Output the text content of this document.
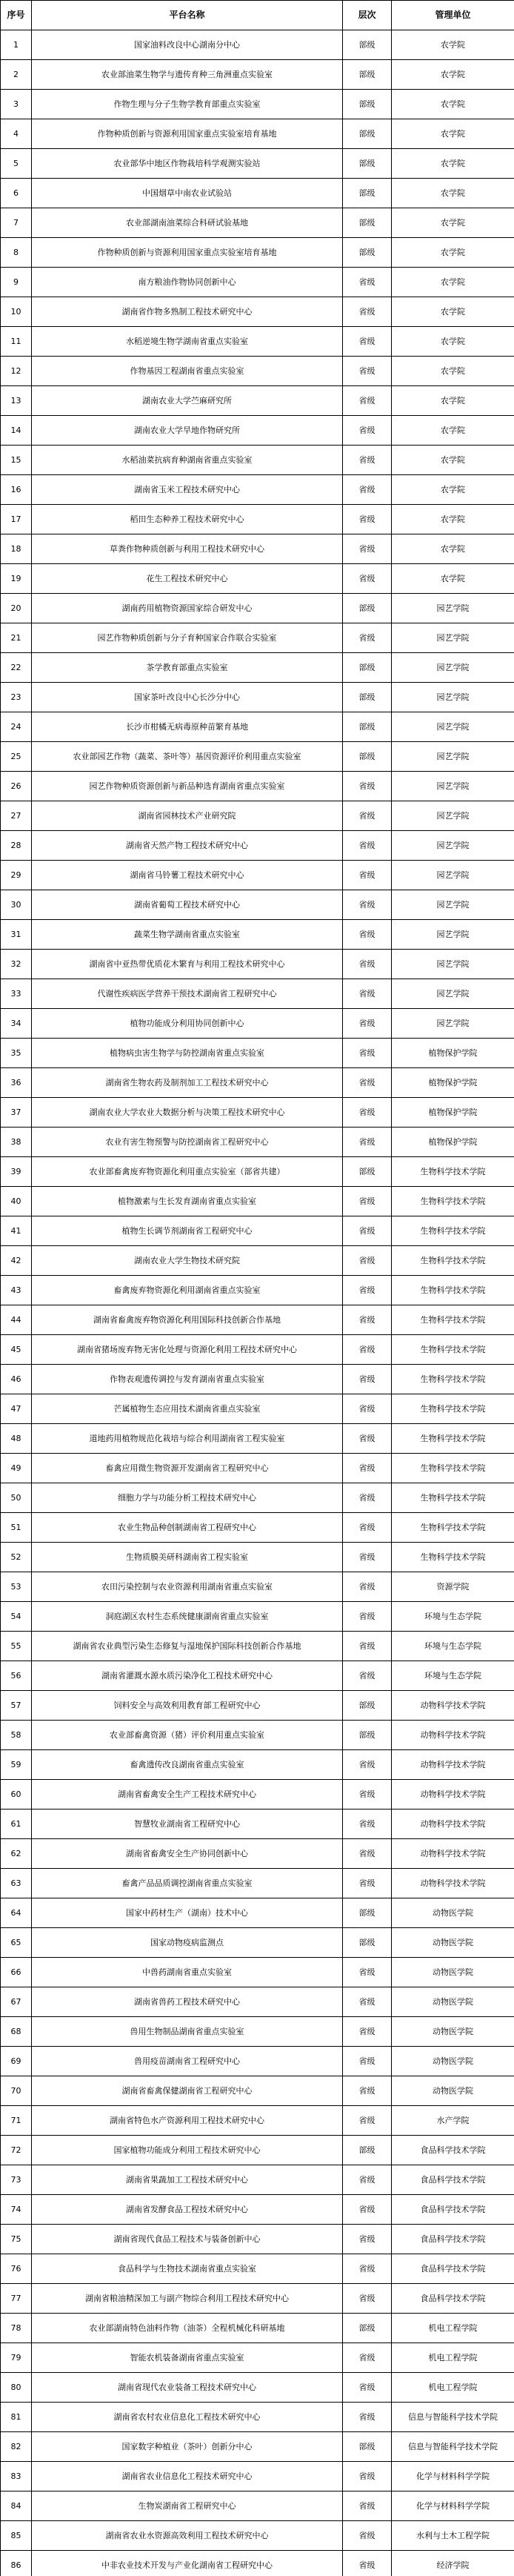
序号	平台名称	层次	管理单位
1	国家油料改良中心湖南分中心	部级	农学院
2	农业部油菜生物学与遗传育种三角洲重点实验室	部级	农学院
3	作物生理与分子生物学教育部重点实验室	部级	农学院
4	作物种质创新与资源利用国家重点实验室培育基地	部级	农学院
5	农业部华中地区作物栽培科学观测实验站	部级	农学院
6	中国烟草中南农业试验站	部级	农学院
7	农业部湖南油菜综合科研试验基地	部级	农学院
8	作物种质创新与资源利用国家重点实验室培育基地	部级	农学院
9	南方粮油作物协同创新中心	省级	农学院
10	湖南省作物多熟制工程技术研究中心	省级	农学院
11	水稻逆境生物学湖南省重点实验室	省级	农学院
12	作物基因工程湖南省重点实验室	省级	农学院
13	湖南农业大学苎麻研究所	省级	农学院
14	湖南农业大学旱地作物研究所	省级	农学院
15	水稻油菜抗病育种湖南省重点实验室	省级	农学院
16	湖南省玉米工程技术研究中心	省级	农学院
17	稻田生态种养工程技术研究中心	省级	农学院
18	草粪作物种质创新与利用工程技术研究中心	省级	农学院
19	花生工程技术研究中心	省级	农学院
20	湖南药用植物资源国家综合研发中心	部级	园艺学院
21	园艺作物种质创新与分子育种国家合作联合实验室	省级	园艺学院
22	茶学教育部重点实验室	部级	园艺学院
23	国家茶叶改良中心长沙分中心	部级	园艺学院
24	长沙市柑橘无病毒原种苗繁育基地	部级	园艺学院
25	农业部园艺作物（蔬菜、茶叶等）基因资源评价利用重点实验室	部级	园艺学院
26	园艺作物种质资源创新与新品种选育湖南省重点实验室	省级	园艺学院
27	湖南省园林技术产业研究院	省级	园艺学院
28	湖南省天然产物工程技术研究中心	省级	园艺学院
29	湖南省马铃薯工程技术研究中心	省级	园艺学院
30	湖南省葡萄工程技术研究中心	省级	园艺学院
31	蔬菜生物学湖南省重点实验室	省级	园艺学院
32	湖南省中亚热带优质花木繁育与利用工程技术研究中心	省级	园艺学院
33	代谢性疾病医学营养干预技术湖南省工程研究中心	省级	园艺学院
34	植物功能成分利用协同创新中心	省级	园艺学院
35	植物病虫害生物学与防控湖南省重点实验室	省级	植物保护学院
36	湖南省生物农药及制剂加工工程技术研究中心	省级	植物保护学院
37	湖南农业大学农业大数据分析与决策工程技术研究中心	省级	植物保护学院
38	农业有害生物预警与防控湖南省工程研究中心	省级	植物保护学院
39	农业部畜禽废弃物资源化利用重点实验室（部省共建）	部级	生物科学技术学院
40	植物激素与生长发育湖南省重点实验室	省级	生物科学技术学院
41	植物生长调节剂湖南省工程研究中心	省级	生物科学技术学院
42	湖南农业大学生物技术研究院	省级	生物科学技术学院
43	畜禽废弃物资源化利用湖南省重点实验室	省级	生物科学技术学院
44	湖南省畜禽废弃物资源化利用国际科技创新合作基地	省级	生物科学技术学院
45	湖南省猪场废弃物无害化处理与资源化利用工程技术研究中心	省级	生物科学技术学院
46	作物表观遗传调控与发育湖南省重点实验室	省级	生物科学技术学院
47	芒属植物生态应用技术湖南省重点实验室	省级	生物科学技术学院
48	道地药用植物规范化栽培与综合利用湖南省工程实验室	省级	生物科学技术学院
49	畜禽应用微生物资源开发湖南省工程研究中心	省级	生物科学技术学院
50	细胞力学与功能分析工程技术研究中心	省级	生物科学技术学院
51	农业生物品种创制湖南省工程研究中心	省级	生物科学技术学院
52	生物质膜美研科湖南省工程实验室	省级	生物科学技术学院
53	农田污染控制与农业资源利用湖南省重点实验室	省级	资源学院
54	洞庭湖区农村生态系统健康湖南省重点实验室	省级	环境与生态学院
55	湖南省农业典型污染生态修复与湿地保护国际科技创新合作基地	省级	环境与生态学院
56	湖南省灌溉水源水质污染净化工程技术研究中心	省级	环境与生态学院
57	饲料安全与高效利用教育部工程研究中心	部级	动物科学技术学院
58	农业部畜禽资源（猪）评价利用重点实验室	部级	动物科学技术学院
59	畜禽遗传改良湖南省重点实验室	省级	动物科学技术学院
60	湖南省畜禽安全生产工程技术研究中心	省级	动物科学技术学院
61	智慧牧业湖南省工程研究中心	省级	动物科学技术学院
62	湖南省畜禽安全生产协同创新中心	省级	动物科学技术学院
63	畜禽产品品质调控湖南省重点实验室	省级	动物科学技术学院
64	国家中药材生产（湖南）技术中心	部级	动物医学院
65	国家动物疫病监测点	部级	动物医学院
66	中兽药湖南省重点实验室	省级	动物医学院
67	湖南省兽药工程技术研究中心	省级	动物医学院
68	兽用生物制品湖南省重点实验室	省级	动物医学院
69	兽用疫苗湖南省工程研究中心	省级	动物医学院
70	湖南省畜禽保健湖南省工程研究中心	省级	动物医学院
71	湖南省特色水产资源利用工程技术研究中心	省级	水产学院
72	国家植物功能成分利用工程技术研究中心	部级	食品科学技术学院
73	湖南省果蔬加工工程技术研究中心	省级	食品科学技术学院
74	湖南省发酵食品工程技术研究中心	省级	食品科学技术学院
75	湖南省现代食品工程技术与装备创新中心	省级	食品科学技术学院
76	食品科学与生物技术湖南省重点实验室	省级	食品科学技术学院
77	湖南省粮油精深加工与副产物综合利用工程技术研究中心	省级	食品科学技术学院
78	农业部湖南特色油料作物（油茶）全程机械化科研基地	部级	机电工程学院
79	智能农机装备湖南省重点实验室	省级	机电工程学院
80	湖南省现代农业装备工程技术研究中心	省级	机电工程学院
81	湖南省农村农业信息化工程技术研究中心	省级	信息与智能科学技术学院
82	国家数字种植业（茶叶）创新分中心	部级	信息与智能科学技术学院
83	湖南省农业信息化工程技术研究中心	省级	化学与材料科学学院
84	生物炭湖南省工程研究中心	省级	化学与材料科学学院
85	湖南省农业水资源高效利用工程技术研究中心	省级	水利与土木工程学院
86	中非农业技术开发与产业化湖南省工程研究中心	省级	经济学院
